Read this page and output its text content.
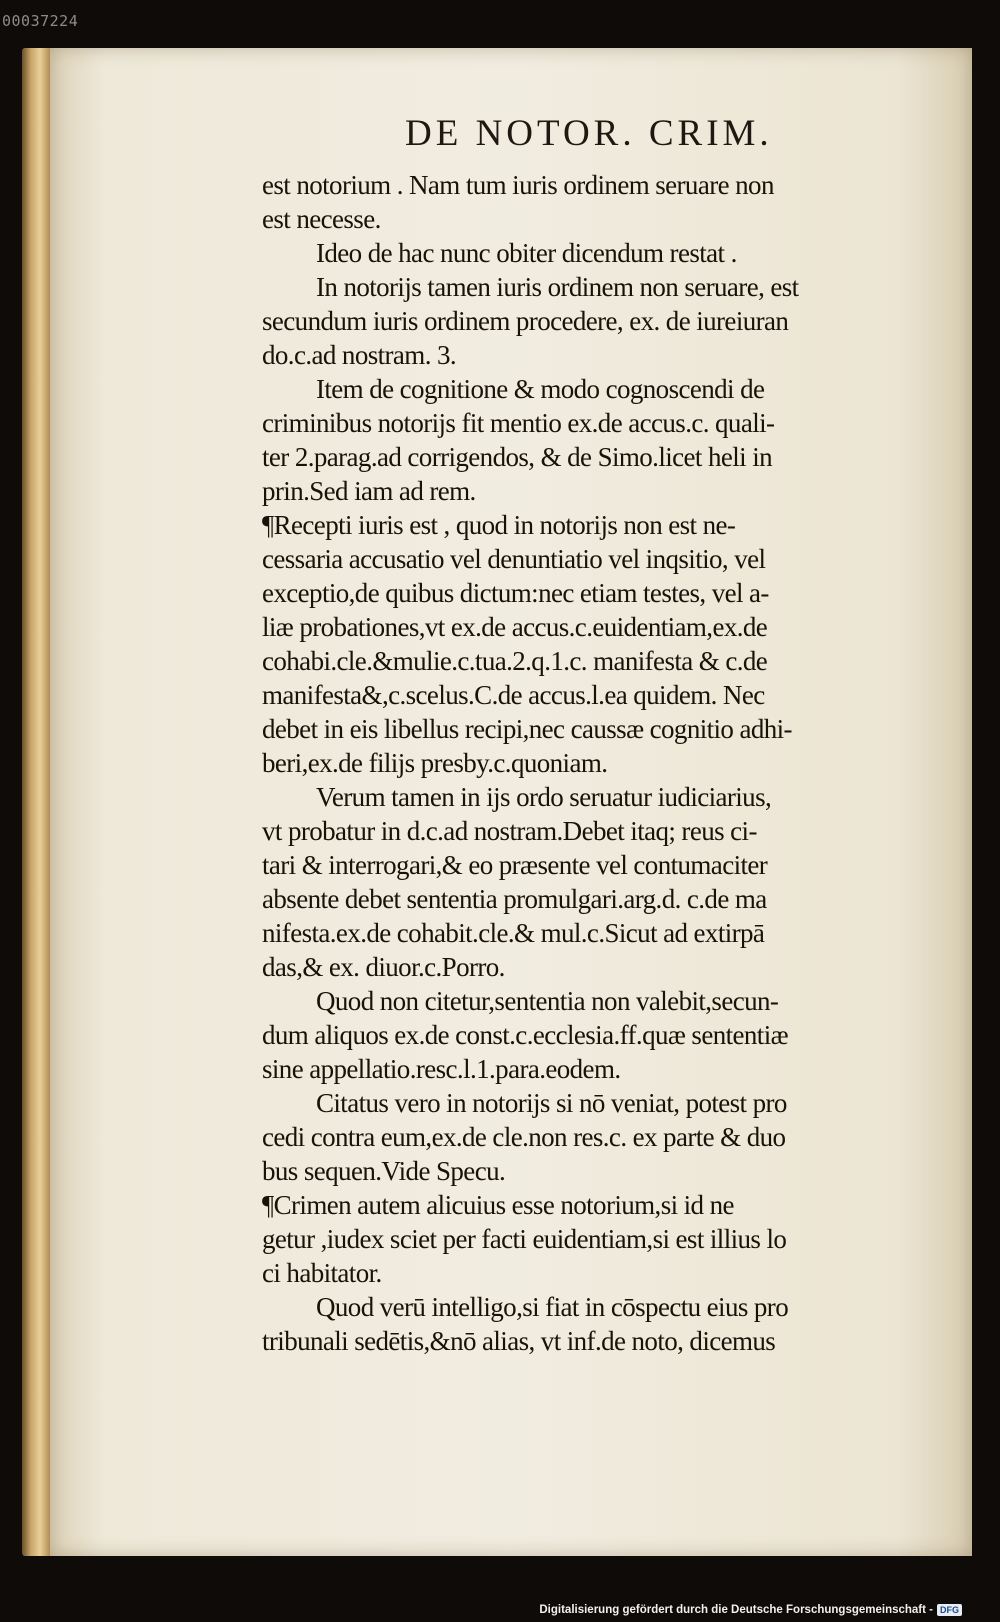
00037224
DE NOTOR. CRIM.
est notorium . Nam tum iuris ordinem seruare non
est necesse.
Ideo de hac nunc obiter dicendum restat .
In notorijs tamen iuris ordinem non seruare, est
secundum iuris ordinem procedere, ex. de iureiuran
do.c.ad nostram. 3.
Item de cognitione & modo cognoscendi de
criminibus notorijs fit mentio ex.de accus.c. quali-
ter 2.parag.ad corrigendos, & de Simo.licet heli in
prin.Sed iam ad rem.
¶Recepti iuris est , quod in notorijs non est ne-
cessaria accusatio vel denuntiatio vel inqsitio, vel
exceptio,de quibus dictum:nec etiam testes, vel a-
liæ probationes,vt ex.de accus.c.euidentiam,ex.de
cohabi.cle.&mulie.c.tua.2.q.1.c. manifesta & c.de
manifesta&,c.scelus.C.de accus.l.ea quidem. Nec
debet in eis libellus recipi,nec caussæ cognitio adhi-
beri,ex.de filijs presby.c.quoniam.
Verum tamen in ijs ordo seruatur iudiciarius,
vt probatur in d.c.ad nostram.Debet itaq; reus ci-
tari & interrogari,& eo præsente vel contumaciter
absente debet sententia promulgari.arg.d. c.de ma
nifesta.ex.de cohabit.cle.& mul.c.Sicut ad extirpā
das,& ex. diuor.c.Porro.
Quod non citetur,sententia non valebit,secun-
dum aliquos ex.de const.c.ecclesia.ff.quæ sententiæ
sine appellatio.resc.l.1.para.eodem.
Citatus vero in notorijs si nō veniat, potest pro
cedi contra eum,ex.de cle.non res.c. ex parte & duo
bus sequen.Vide Specu.
¶Crimen autem alicuius esse notorium,si id ne
getur ,iudex sciet per facti euidentiam,si est illius lo
ci habitator.
Quod verū intelligo,si fiat in cōspectu eius pro
tribunali sedētis,&nō alias, vt inf.de noto, dicemus
Digitalisierung gefördert durch die Deutsche Forschungsgemeinschaft - DFG
